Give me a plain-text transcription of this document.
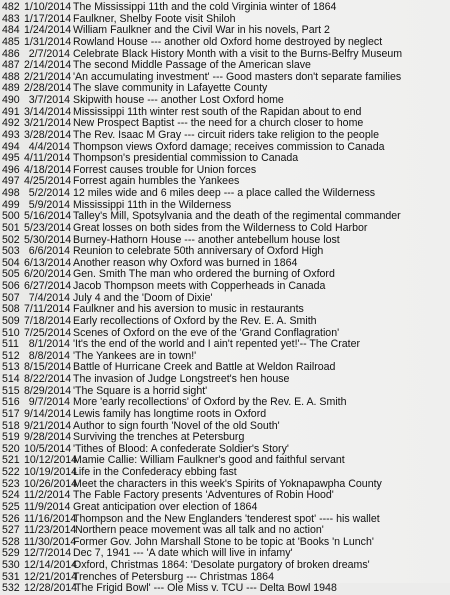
482 1/10/2014 The Mississippi 11th and the cold Virginia winter of 1864
483 1/17/2014 Faulkner, Shelby Foote visit Shiloh
484 1/24/2014 William Faulkner and the Civil War in his novels, Part 2
485 1/31/2014 Rowland House --- another old Oxford home destroyed by neglect
486 2/7/2014 Celebrate Black History Month with a visit to the Burns-Belfry Museum
487 2/14/2014 The second Middle Passage of the American slave
488 2/21/2014 'An accumulating investment' --- Good masters don't separate families
489 2/28/2014 The slave community in Lafayette County
490 3/7/2014 Skipwith house --- another Lost Oxford home
491 3/14/2014 Mississippi 11th winter rest south of the Rapidan about to end
492 3/21/2014 New Prospect Baptist --- the need for a church closer to home
493 3/28/2014 The Rev. Isaac M Gray --- circuit riders take religion to the people
494 4/4/2014 Thompson views Oxford damage; receives commission to Canada
495 4/11/2014 Thompson's presidential commission to Canada
496 4/18/2014 Forrest causes trouble for Union forces
497 4/25/2014 Forrest again humbles the Yankees
498 5/2/2014 12 miles wide and 6 miles deep --- a place called the Wilderness
499 5/9/2014 Mississippi 11th in the Wilderness
500 5/16/2014 Talley's Mill, Spotsylvania and the death of the regimental commander
501 5/23/2014 Great losses on both sides from the Wilderness to Cold Harbor
502 5/30/2014 Burney-Hathorn House --- another antebellum house lost
503 6/6/2014 Reunion to celebrate 50th anniversary of Oxford High
504 6/13/2014 Another reason why Oxford was burned in 1864
505 6/20/2014 Gen. Smith The man who ordered the burning of Oxford
506 6/27/2014 Jacob Thompson meets with Copperheads in Canada
507 7/4/2014 July 4 and the 'Doom of Dixie'
508 7/11/2014 Faulkner and his aversion to music in restaurants
509 7/18/2014 Early recollections of Oxford by the Rev. E. A. Smith
510 7/25/2014 Scenes of Oxford on the eve of the 'Grand Conflagration'
511 8/1/2014 'It's the end of the world and I ain't repented yet!'-- The Crater
512 8/8/2014 'The Yankees are in town!'
513 8/15/2014 Battle of Hurricane Creek and Battle at Weldon Railroad
514 8/22/2014 The invasion of Judge Longstreet's hen house
515 8/29/2014 'The Square is a horrid sight'
516 9/7/2014 More 'early recollections' of Oxford by the Rev. E. A. Smith
517 9/14/2014 Lewis family has longtime roots in Oxford
518 9/21/2014 Author to sign fourth 'Novel of the old South'
519 9/28/2014 Surviving the trenches at Petersburg
520 10/5/2014 'Tithes of Blood: A confederate Soldier's Story'
521 10/12/2014
Mamie Callie: William Faulkner's good and faithful servant
522 10/19/2014
Life in the Confederacy ebbing fast
523 10/26/2014
Meet the characters in this week's Spirits of Yoknapawpha County
524 11/2/2014 The Fable Factory presents 'Adventures of Robin Hood'
525 11/9/2014 Great anticipation over election of 1864
526 11/16/2014
Thompson and the New Englanders 'tenderest spot' ---- his wallet
527 11/23/2014
'Northern peace movement was all talk and no action'
528 11/30/2014
Former Gov. John Marshall Stone to be topic at 'Books 'n Lunch'
529 12/7/2014 Dec 7, 1941 --- 'A date which will live in infamy'
530 12/14/2014
Oxford, Christmas 1864: 'Desolate purgatory of broken dreams'
531 12/21/2014
Trenches of Petersburg --- Christmas 1864
532 12/28/2014
'The Frigid Bowl' --- Ole Miss v. TCU --- Delta Bowl 1948
